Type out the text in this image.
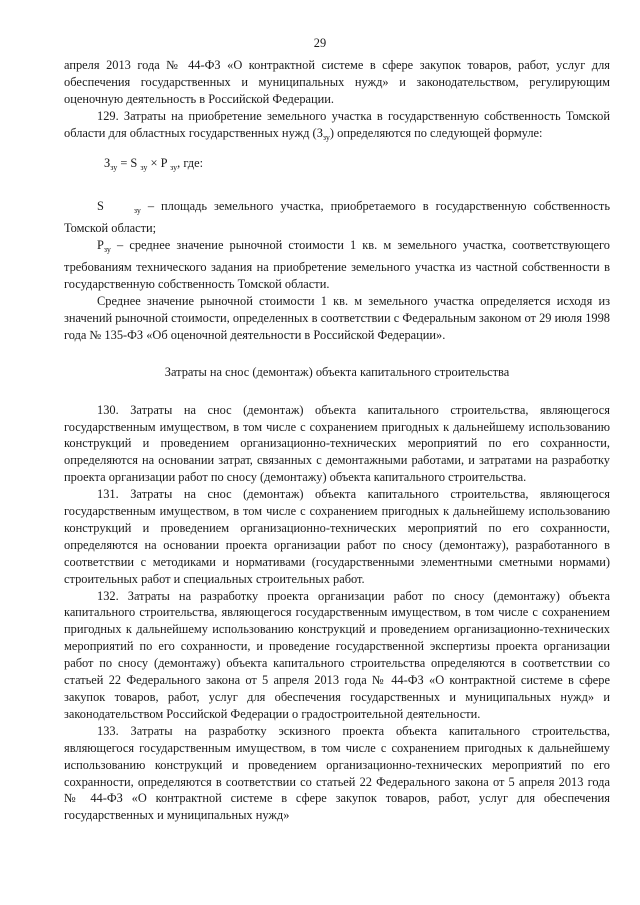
29

апреля 2013 года № 44-ФЗ «О контрактной системе в сфере закупок товаров, работ, услуг для обеспечения государственных и муниципальных нужд» и законодательством, регулирующим оценочную деятельность в Российской Федерации.

129. Затраты на приобретение земельного участка в государственную собственность Томской области для областных государственных нужд $(З_{зу})$ определяются по следующей формуле:

$З_{зу} = S$ $_{зу}$ × P $_{зу}$, где:

S	$_{зу}$ – площадь земельного участка, приобретаемого в государственную собственность Томской области;

$Р_{зу}$ – среднее значение рыночной стоимости 1 кв. м земельного участка, соответствующего требованиям технического задания на приобретение земельного участка из частной собственности в государственную собственность Томской области.

Среднее значение рыночной стоимости 1 кв. м земельного участка определяется исходя из значений рыночной стоимости, определенных в соответствии с Федеральным законом от 29 июля 1998 года № 135-ФЗ «Об оценочной деятельности в Российской Федерации».

Затраты на снос (демонтаж) объекта капитального строительства

130. Затраты на снос (демонтаж) объекта капитального строительства, являющегося государственным имуществом, в том числе с сохранением пригодных к дальнейшему использованию конструкций и проведением организационно-технических мероприятий по его сохранности, определяются на основании затрат, связанных с демонтажными работами, и затратами на разработку проекта организации работ по сносу (демонтажу) объекта капитального строительства.

131. Затраты на снос (демонтаж) объекта капитального строительства, являющегося государственным имуществом, в том числе с сохранением пригодных к дальнейшему использованию конструкций и проведением организационно-технических мероприятий по его сохранности, определяются на основании проекта организации работ по сносу (демонтажу), разработанного в соответствии с методиками и нормативами (государственными элементными сметными нормами) строительных работ и специальных строительных работ.

132. Затраты на разработку проекта организации работ по сносу (демонтажу) объекта капитального строительства, являющегося государственным имуществом, в том числе с сохранением пригодных к дальнейшему использованию конструкций и проведением организационно-технических мероприятий по его сохранности, и проведение государственной экспертизы проекта организации работ по сносу (демонтажу) объекта капитального строительства определяются в соответствии со статьей 22 Федерального закона от 5 апреля 2013 года № 44-ФЗ «О контрактной системе в сфере закупок товаров, работ, услуг для обеспечения государственных и муниципальных нужд» и законодательством Российской Федерации о градостроительной деятельности.

133. Затраты на разработку эскизного проекта объекта капитального строительства, являющегося государственным имуществом, в том числе с сохранением пригодных к дальнейшему использованию конструкций и проведением организационно-технических мероприятий по его сохранности, определяются в соответствии со статьей 22 Федерального закона от 5 апреля 2013 года № 44-ФЗ «О контрактной системе в сфере закупок товаров, работ, услуг для обеспечения государственных и муниципальных нужд»
